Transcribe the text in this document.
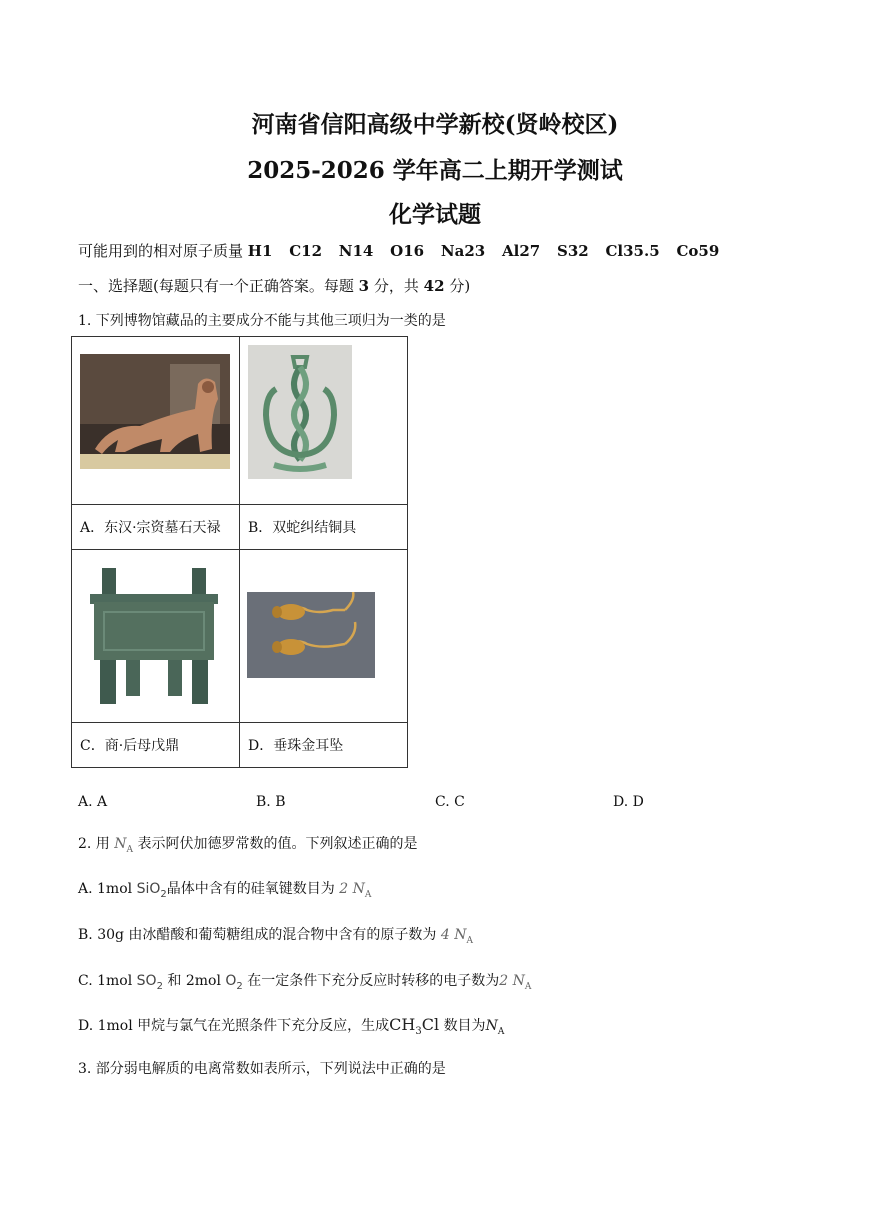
河南省信阳高级中学新校(贤岭校区)
2025-2026 学年高二上期开学测试
化学试题
可能用到的相对原子质量 H1 C12 N14 O16 Na23 Al27 S32 Cl35.5 Co59
一、选择题(每题只有一个正确答案。每题 3 分，共 42 分)
1. 下列博物馆藏品的主要成分不能与其他三项归为一类的是

A．东汉·宗资墓石天禄	B．双蛇纠结铜具

C．商·后母戊鼎	D．垂珠金耳坠
A. A	B. B	C. C	D. D
2. 用 $N_A$ 表示阿伏加德罗常数的值。下列叙述正确的是
A. 1mol SiO$_2$晶体中含有的硅氧键数目为 2 $N_A$
B. 30g 由冰醋酸和葡萄糖组成的混合物中含有的原子数为 4 $N_A$
C. 1mol $SO_2$ 和 2mol $O_2$ 在一定条件下充分反应时转移的电子数为2 $N_A$
D. 1mol 甲烷与氯气在光照条件下充分反应，生成$CH_3Cl$ 数目为$N_A$
3. 部分弱电解质的电离常数如表所示，下列说法中正确的是
